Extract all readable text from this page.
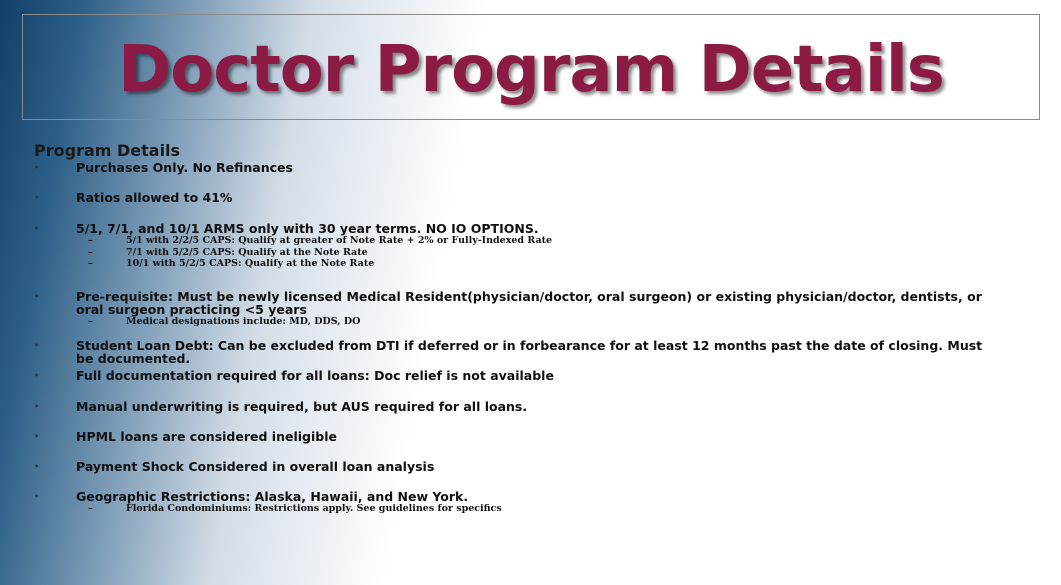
Doctor Program Details
Program Details
•	Purchases Only. No Refinances
•	Ratios allowed to 41%
•	5/1, 7/1, and 10/1 ARMS only with 30 year terms. NO IO OPTIONS.
–	5/1 with 2/2/5 CAPS: Qualify at greater of Note Rate + 2% or Fully-Indexed Rate
–	7/1 with 5/2/5 CAPS: Qualify at the Note Rate
–	10/1 with 5/2/5 CAPS: Qualify at the Note Rate
•	Pre-requisite: Must be newly licensed Medical Resident(physician/doctor, oral surgeon) or existing physician/doctor, dentists, or oral surgeon practicing <5 years
–	Medical designations include: MD, DDS, DO
•	Student Loan Debt: Can be excluded from DTI if deferred or in forbearance for at least 12 months past the date of closing. Must be documented.
•	Full documentation required for all loans: Doc relief is not available
•	Manual underwriting is required, but AUS required for all loans.
•	HPML loans are considered ineligible
•	Payment Shock Considered in overall loan analysis
•	Geographic Restrictions: Alaska, Hawaii, and New York.
–	Florida Condominiums: Restrictions apply. See guidelines for specifics
